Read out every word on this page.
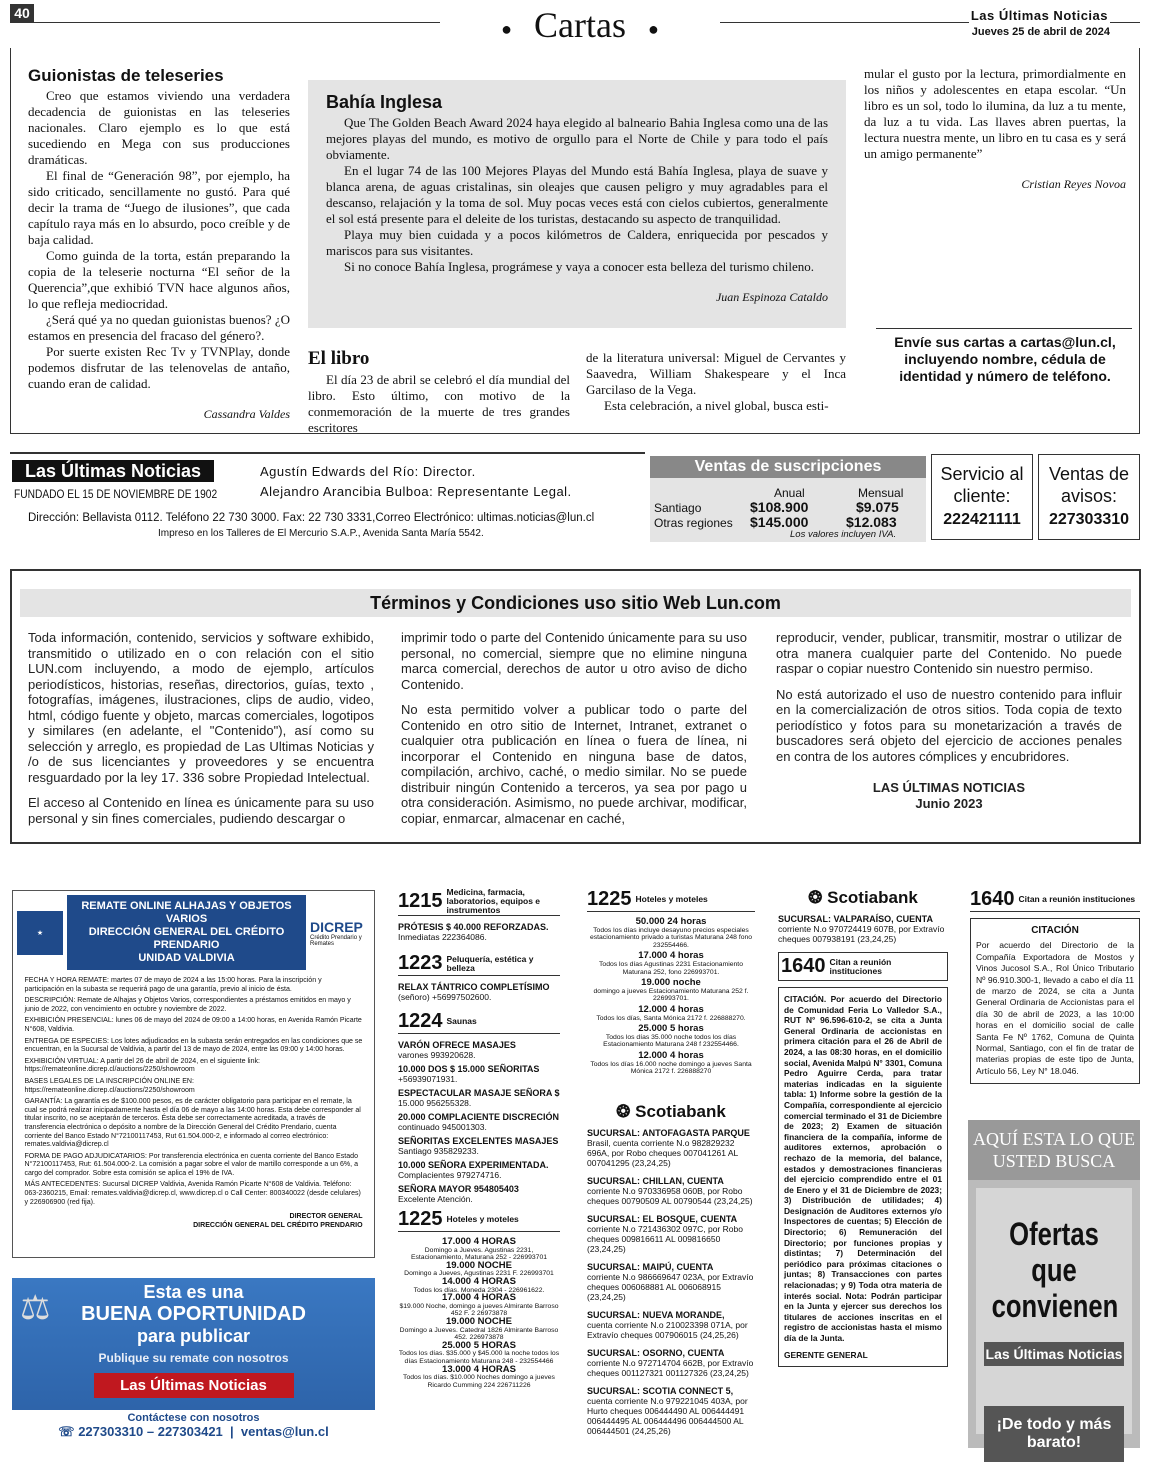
40
● Cartas ●
Las Últimas Noticias
Jueves 25 de abril de 2024
Guionistas de teleseries

Creo que estamos viviendo una verdadera decadencia de guionistas en las teleseries nacionales. Claro ejemplo es lo que está sucediendo en Mega con sus producciones dramáticas.

El final de “Generación 98”, por ejemplo, ha sido criticado, sencillamente no gustó. Para qué decir la trama de “Juego de ilusiones”, que cada capítulo raya más en lo absurdo, poco creíble y de baja calidad.

Como guinda de la torta, están preparando la copia de la teleserie nocturna “El señor de la Querencia”,que exhibió TVN hace algunos años, lo que refleja mediocridad.

¿Será qué ya no quedan guionistas buenos? ¿O estamos en presencia del fracaso del género?.

Por suerte existen Rec Tv y TVNPlay, donde podemos disfrutar de las telenovelas de antaño, cuando eran de calidad.

Cassandra Valdes
Bahía Inglesa

Que The Golden Beach Award 2024 haya elegido al balneario Bahia Inglesa como una de las mejores playas del mundo, es motivo de orgullo para el Norte de Chile y para todo el país obviamente.

En el lugar 74 de las 100 Mejores Playas del Mundo está Bahía Inglesa, playa de suave y blanca arena, de aguas cristalinas, sin oleajes que causen peligro y muy agradables para el descanso, relajación y la toma de sol. Muy pocas veces está con cielos cubiertos, generalmente el sol está presente para el deleite de los turistas, destacando su aspecto de tranquilidad.

Playa muy bien cuidada y a pocos kilómetros de Caldera, enriquecida por pescados y mariscos para sus visitantes.

Si no conoce Bahía Inglesa, prográmese y vaya a conocer esta belleza del turismo chileno.

Juan Espinoza Cataldo
mular el gusto por la lectura, primordialmente en los niños y adolescentes en etapa escolar. “Un libro es un sol, todo lo ilumina, da luz a tu mente, da luz a tu vida. Las llaves abren puertas, la lectura nuestra mente, un libro en tu casa es y será un amigo permanente”
Cristian Reyes Novoa
El libro

El día 23 de abril se celebró el día mundial del libro. Esto último, con motivo de la conmemoración de la muerte de tres grandes escritores

de la literatura universal: Miguel de Cervantes y Saavedra, William Shakespeare y el Inca Garcilaso de la Vega.

Esta celebración, a nivel global, busca esti-

Envíe sus cartas a cartas@lun.cl, incluyendo nombre, cédula de identidad y número de teléfono.
Las Últimas Noticias
FUNDADO EL 15 DE NOVIEMBRE DE 1902
Agustín Edwards del Río: Director.
Alejandro Arancibia Bulboa: Representante Legal.
Dirección: Bellavista 0112. Teléfono 22 730 3000. Fax: 22 730 3331,Correo Electrónico: ultimas.noticias@lun.cl
Impreso en los Talleres de El Mercurio S.A.P., Avenida Santa María 5542.
Ventas de suscripciones
Anual	Mensual
Santiago	$108.900	$9.075
Otras regiones $145.000	$12.083
Los valores incluyen IVA.
Servicio al cliente:
222421111
Ventas de avisos:
227303310
Términos y Condiciones uso sitio Web Lun.com

Toda información, contenido, servicios y software exhibido, transmitido o utilizado en o con relación con el sitio LUN.com incluyendo, a modo de ejemplo, artículos periodísticos, historias, reseñas, directorios, guías, texto , fotografías, imágenes, ilustraciones, clips de audio, video, html, código fuente y objeto, marcas comerciales, logotipos y similares (en adelante, el "Contenido"), así como su selección y arreglo, es propiedad de Las Ultimas Noticias y /o de sus licenciantes y proveedores y se encuentra resguardado por la ley 17. 336 sobre Propiedad Intelectual.

El acceso al Contenido en línea es únicamente para su uso personal y sin fines comerciales, pudiendo descargar o

imprimir todo o parte del Contenido únicamente para su uso personal, no comercial, siempre que no elimine ninguna marca comercial, derechos de autor u otro aviso de dicho Contenido.

No esta permitido volver a publicar todo o parte del Contenido en otro sitio de Internet, Intranet, extranet o cualquier otra publicación en línea o fuera de línea, ni incorporar el Contenido en ninguna base de datos, compilación, archivo, caché, o medio similar. No se puede distribuir ningún Contenido a terceros, ya sea por pago u otra consideración. Asimismo, no puede archivar, modificar, copiar, enmarcar, almacenar en caché,

reproducir, vender, publicar, transmitir, mostrar o utilizar de otra manera cualquier parte del Contenido. No puede raspar o copiar nuestro Contenido sin nuestro permiso.

No está autorizado el uso de nuestro contenido para influir en la comercialización de otros sitios. Toda copia de texto periodístico y fotos para su monetarización a través de buscadores será objeto del ejercicio de acciones penales en contra de los autores cómplices y encubridores.

LAS ÚLTIMAS NOTICIAS
Junio 2023
★
REMATE ONLINE ALHAJAS Y OBJETOS VARIOS
DIRECCIÓN GENERAL DEL CRÉDITO PRENDARIO
UNIDAD VALDIVIA
DICREP
Crédito Prendario y Remates

FECHA Y HORA REMATE: martes 07 de mayo de 2024 a las 15:00 horas. Para la inscripción y participación en la subasta se requerirá pago de una garantía, previo al inicio de ésta.

DESCRIPCIÓN: Remate de Alhajas y Objetos Varios, correspondientes a préstamos emitidos en mayo y junio de 2022, con vencimiento en octubre y noviembre de 2022.

EXHIBICIÓN PRESENCIAL: lunes 06 de mayo del 2024 de 09:00 a 14:00 horas, en Avenida Ramón Picarte N°608, Valdivia.

ENTREGA DE ESPECIES: Los lotes adjudicados en la subasta serán entregados en las condiciones que se encuentran, en la Sucursal de Valdivia, a partir del 13 de mayo de 2024, entre las 09:00 y 14:00 horas.

EXHIBICIÓN VIRTUAL: A partir del 26 de abril de 2024, en el siguiente link: https://remateonline.dicrep.cl/auctions/2250/showroom

BASES LEGALES DE LA INSCRIPCIÓN ONLINE EN: https://remateonline.dicrep.cl/auctions/2250/showroom

GARANTÍA: La garantía es de $100.000 pesos, es de carácter obligatorio para participar en el remate, la cual se podrá realizar inicipadamente hasta el día 06 de mayo a las 14:00 horas. Esta debe corresponder al titular inscrito, no se aceptarán de terceros. Ésta debe ser correctamente acreditada, a través de transferencia electrónica o depósito a nombre de la Dirección General del Crédito Prendario, cuenta corriente del Banco Estado N°72100117453, Rut 61.504.000-2, e informado al correo electrónico: remates.valdivia@dicrep.cl

FORMA DE PAGO ADJUDICATARIOS: Por transferencia electrónica en cuenta corriente del Banco Estado N°72100117453, Rut: 61.504.000-2. La comisión a pagar sobre el valor de martillo corresponde a un 6%, a cargo del comprador. Sobre esta comisión se aplica el 19% de IVA.

MÁS ANTECEDENTES: Sucursal DICREP Valdivia, Avenida Ramón Picarte N°608 de Valdivia. Teléfono: 063-2360215, Email: remates.valdivia@dicrep.cl, www.dicrep.cl o Call Center: 800340022 (desde celulares) y 226906900 (red fija).

DIRECTOR GENERAL
DIRECCIÓN GENERAL DEL CRÉDITO PRENDARIO
⚖	Esta es una
BUENA OPORTUNIDAD
para publicar
Publique su remate con nosotros
Las Últimas Noticias
Contáctese con nosotros
☏ 227303310 – 227303421  |  ventas@lun.cl
1215 Medicina, farmacia, laboratorios, equipos e instrumentos
PRÓTESIS $ 40.000 REFORZADAS.
Inmediatas 222364086.
1223 Peluquería, estética y belleza
RELAX TÁNTRICO COMPLETÍSIMO
(señoro) +56997502600.
1224 Saunas
VARÓN OFRECE MASAJES
varones 993920628.
10.000 DOS $ 15.000 SEÑORITAS
+56939071931.
ESPECTACULAR MASAJE SEÑORA $
15.000 956255328.
20.000 COMPLACIENTE DISCRECIÓN
continuado 945001303.
SEÑORITAS EXCELENTES MASAJES
Santiago 935829233.
10.000 SEÑORA EXPERIMENTADA.
Complacientes 979274716.
SEÑORA MAYOR 954805403
Excelente Atención.
1225 Hoteles y moteles
17.000 4 HORAS
Domingo a Jueves. Agustinas 2231, Estacionamiento, Maturana 252 - 226993701
19.000 NOCHE
Domingo a Jueves, Agustinas 2231 F. 226993701
14.000 4 HORAS
Todos los días. Moneda 2304 - 226961622.
17.000 4 HORAS
$19.000 Noche, domingo a jueves Almirante Barroso 452 F. 2 26973878
19.000 NOCHE
Domingo a Jueves. Catedral 1826 Almirante Barroso 452. 226973878
25.000 5 HORAS
Todos los días. $35.000 y $45.000 la noche todos los días Estacionamiento Maturana 248 - 232554466
13.000 4 HORAS
Todos los días. $10.000 Noches domingo a jueves Ricardo Cumming 224 226711226
1225 Hoteles y moteles
50.000 24 horas
Todos los días incluye desayuno precios especiales estacionamiento privado a turistas Maturana 248 fono 232554466.
17.000 4 horas
Todos los días Agustinas 2231 Estacionamiento Maturana 252, fono 226993701.
19.000 noche
domingo a jueves Estacionamiento Maturana 252 f. 226993701.
12.000 4 horas
Todos los días, Santa Mónica 2172 f. 226888270.
25.000 5 horas
Todos los días 35.000 noche todos los días Estacionamiento Maturana 248 f 232554466.
12.000 4 horas
Todos los días 16.000 noche domingo a jueves Santa Mónica 2172 f. 226888270
❂ Scotiabank
SUCURSAL: ANTOFAGASTA PARQUE
Brasil, cuenta corriente N.o 982829232 696A, por Robo cheques 007041261 AL 007041295 (23,24,25)
SUCURSAL: CHILLAN, CUENTA
corriente N.o 970336958 060B, por Robo cheques 00790509 AL 00790544 (23,24,25)
SUCURSAL: EL BOSQUE, CUENTA
corriente N.o 721436302 097C, por Robo cheques 009816611 AL 009816650 (23,24,25)
SUCURSAL: MAIPÚ, CUENTA
corriente N.o 986669647 023A, por Extravío cheques 006068881 AL 006068915 (23,24,25)
SUCURSAL: NUEVA MORANDE,
cuenta corriente N.o 210023398 071A, por Extravío cheques 007906015 (24,25,26)
SUCURSAL: OSORNO, CUENTA
corriente N.o 972714704 662B, por Extravío cheques 001127321 001127326 (23,24,25)
SUCURSAL: SCOTIA CONNECT 5,
cuenta corriente N.o 979221045 403A, por Hurto cheques 006444490 AL 006444491 006444495 AL 006444496 006444500 AL 006444501 (24,25,26)
❂ Scotiabank
SUCURSAL: VALPARAÍSO, CUENTA
corriente N.o 970724419 607B, por Extravío cheques 007938191 (23,24,25)
1640 Citan a reunión instituciones
CITACIÓN. Por acuerdo del Directorio de Comunidad Feria Lo Valledor S.A., RUT N° 96.596-610-2, se cita a Junta General Ordinaria de accionistas en primera citación para el 26 de Abril de 2024, a las 08:30 horas, en el domicilio social, Avenida Malpú N° 3301, Comuna Pedro Aguirre Cerda, para tratar materias indicadas en la siguiente tabla: 1) Informe sobre la gestión de la Compañía, correspondiente al ejercicio comercial terminado el 31 de Diciembre de 2023; 2) Examen de situación financiera de la compañía, informe de auditores externos, aprobación o rechazo de la memoria, del balance, estados y demostraciones financieras del ejercicio comprendido entre el 01 de Enero y el 31 de Diciembre de 2023; 3) Distribución de utilidades; 4) Designación de Auditores externos y/o Inspectores de cuentas; 5) Elección de Directorio; 6) Remuneración del Directorio; por funciones propias y distintas; 7) Determinación del periódico para próximas citaciones o juntas; 8) Transacciones con partes relacionadas; y 9) Toda otra materia de interés social. Nota: Podrán participar en la Junta y ejercer sus derechos los titulares de acciones inscritas en el registro de accionistas hasta el mismo día de la Junta.
GERENTE GENERAL
1640 Citan a reunión instituciones
CITACIÓN
Por acuerdo del Directorio de la Compañía Exportadora de Mostos y Vinos Jucosol S.A., Rol Único Tributario Nº 96.910.300-1, llevado a cabo el día 11 de marzo de 2024, se cita a Junta General Ordinaria de Accionistas para el día 30 de abril de 2023, a las 10:00 horas en el domicilio social de calle Santa Fe Nº 1762, Comuna de Quinta Normal, Santiago, con el fin de tratar de materias propias de este tipo de Junta, Artículo 56, Ley N° 18.046.
AQUÍ ESTA LO QUE
USTED BUSCA
Ofertas que
convienen
Las Últimas Noticias
¡De todo y más barato!
